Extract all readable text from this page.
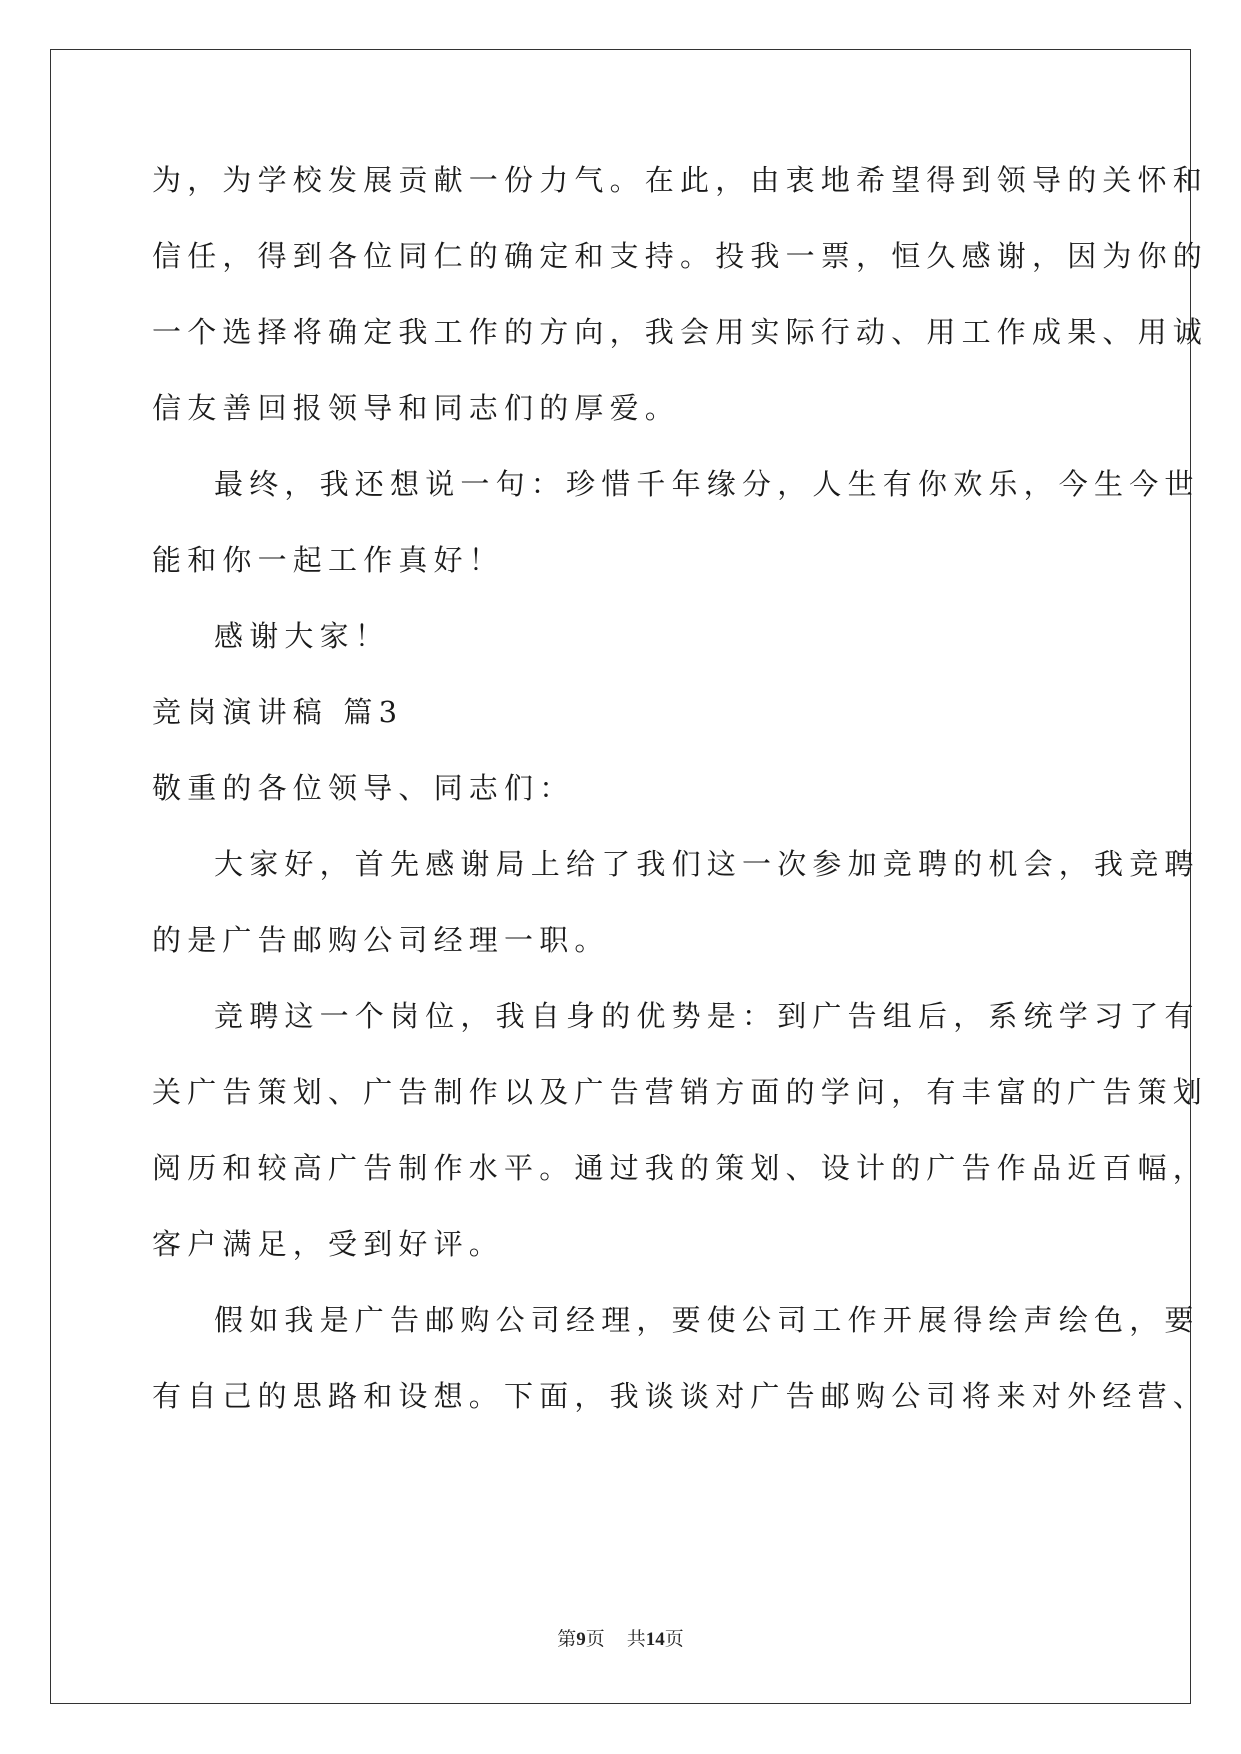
为，为学校发展贡献一份力气。在此，由衷地希望得到领导的关怀和
信任，得到各位同仁的确定和支持。投我一票，恒久感谢，因为你的
一个选择将确定我工作的方向，我会用实际行动、用工作成果、用诚
信友善回报领导和同志们的厚爱。
最终，我还想说一句：珍惜千年缘分，人生有你欢乐，今生今世
能和你一起工作真好！
感谢大家！
竞岗演讲稿 篇3
敬重的各位领导、同志们：
大家好，首先感谢局上给了我们这一次参加竞聘的机会，我竞聘
的是广告邮购公司经理一职。
竞聘这一个岗位，我自身的优势是：到广告组后，系统学习了有
关广告策划、广告制作以及广告营销方面的学问，有丰富的广告策划
阅历和较高广告制作水平。通过我的策划、设计的广告作品近百幅，
客户满足，受到好评。
假如我是广告邮购公司经理，要使公司工作开展得绘声绘色，要
有自己的思路和设想。下面，我谈谈对广告邮购公司将来对外经营、
第9页 共14页
